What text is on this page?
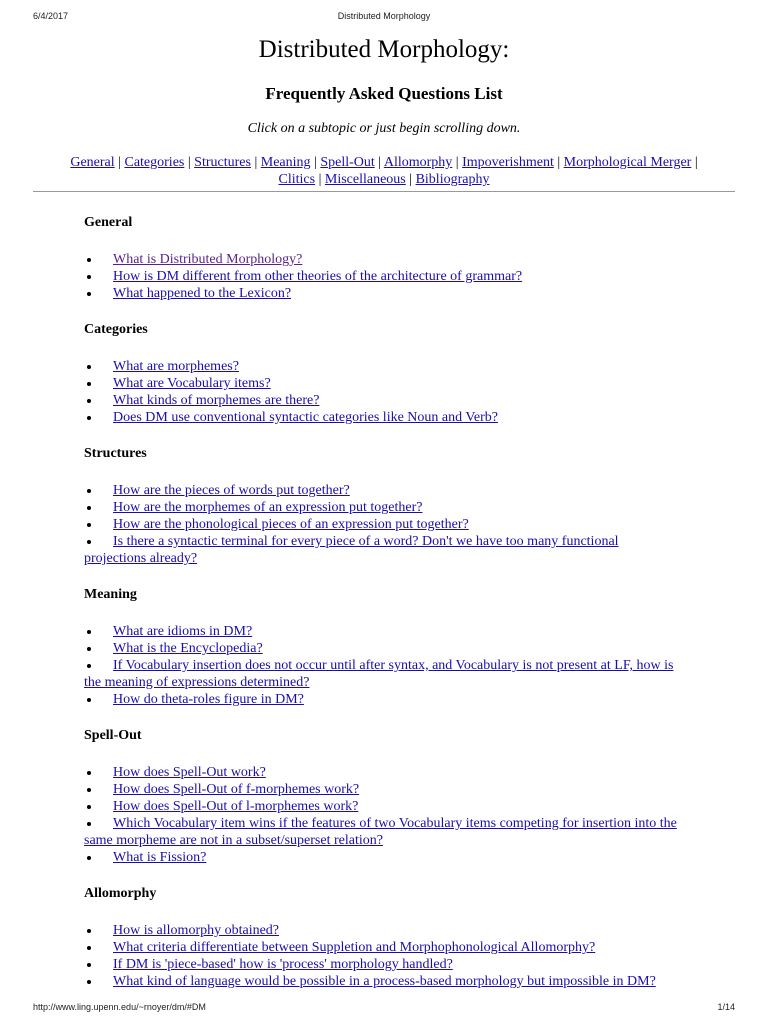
6/4/2017	Distributed Morphology
Distributed Morphology:
Frequently Asked Questions List

Click on a subtopic or just begin scrolling down.

General | Categories | Structures | Meaning | Spell-Out | Allomorphy | Impoverishment | Morphological Merger | Clitics | Miscellaneous | Bibliography
General
What is Distributed Morphology?
How is DM different from other theories of the architecture of grammar?
What happened to the Lexicon?
Categories
What are morphemes?
What are Vocabulary items?
What kinds of morphemes are there?
Does DM use conventional syntactic categories like Noun and Verb?
Structures
How are the pieces of words put together?
How are the morphemes of an expression put together?
How are the phonological pieces of an expression put together?
Is there a syntactic terminal for every piece of a word? Don't we have too many functional projections already?
Meaning
What are idioms in DM?
What is the Encyclopedia?
If Vocabulary insertion does not occur until after syntax, and Vocabulary is not present at LF, how is the meaning of expressions determined?
How do theta-roles figure in DM?
Spell-Out
How does Spell-Out work?
How does Spell-Out of f-morphemes work?
How does Spell-Out of l-morphemes work?
Which Vocabulary item wins if the features of two Vocabulary items competing for insertion into the same morpheme are not in a subset/superset relation?
What is Fission?
Allomorphy
How is allomorphy obtained?
What criteria differentiate between Suppletion and Morphophonological Allomorphy?
If DM is 'piece-based' how is 'process' morphology handled?
What kind of language would be possible in a process-based morphology but impossible in DM?
http://www.ling.upenn.edu/~rnoyer/dm/#DM	1/14
